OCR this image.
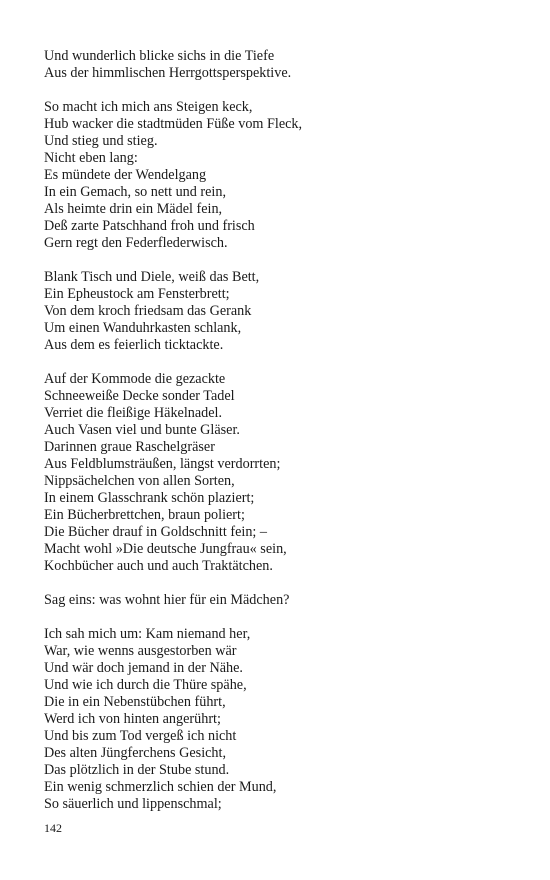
Und wunderlich blicke sichs in die Tiefe
Aus der himmlischen Herrgottsperspektive.
So macht ich mich ans Steigen keck,
Hub wacker die stadtmüden Füße vom Fleck,
Und stieg und stieg.
Nicht eben lang:
Es mündete der Wendelgang
In ein Gemach, so nett und rein,
Als heimte drin ein Mädel fein,
Deß zarte Patschhand froh und frisch
Gern regt den Federflederwisch.
Blank Tisch und Diele, weiß das Bett,
Ein Epheustock am Fensterbrett;
Von dem kroch friedsam das Gerank
Um einen Wanduhrkasten schlank,
Aus dem es feierlich ticktackte.
Auf der Kommode die gezackte
Schneeweiße Decke sonder Tadel
Verriet die fleißige Häkelnadel.
Auch Vasen viel und bunte Gläser.
Darinnen graue Raschelgräser
Aus Feldblumsträußen, längst verdorrten;
Nippsächelchen von allen Sorten,
In einem Glasschrank schön plaziert;
Ein Bücherbrettchen, braun poliert;
Die Bücher drauf in Goldschnitt fein; –
Macht wohl »Die deutsche Jungfrau« sein,
Kochbücher auch und auch Traktätchen.
Sag eins: was wohnt hier für ein Mädchen?
Ich sah mich um: Kam niemand her,
War, wie wenns ausgestorben wär
Und wär doch jemand in der Nähe.
Und wie ich durch die Thüre spähe,
Die in ein Nebenstübchen führt,
Werd ich von hinten angerührt;
Und bis zum Tod vergeß ich nicht
Des alten Jüngferchens Gesicht,
Das plötzlich in der Stube stund.
Ein wenig schmerzlich schien der Mund,
So säuerlich und lippenschmal;
142
